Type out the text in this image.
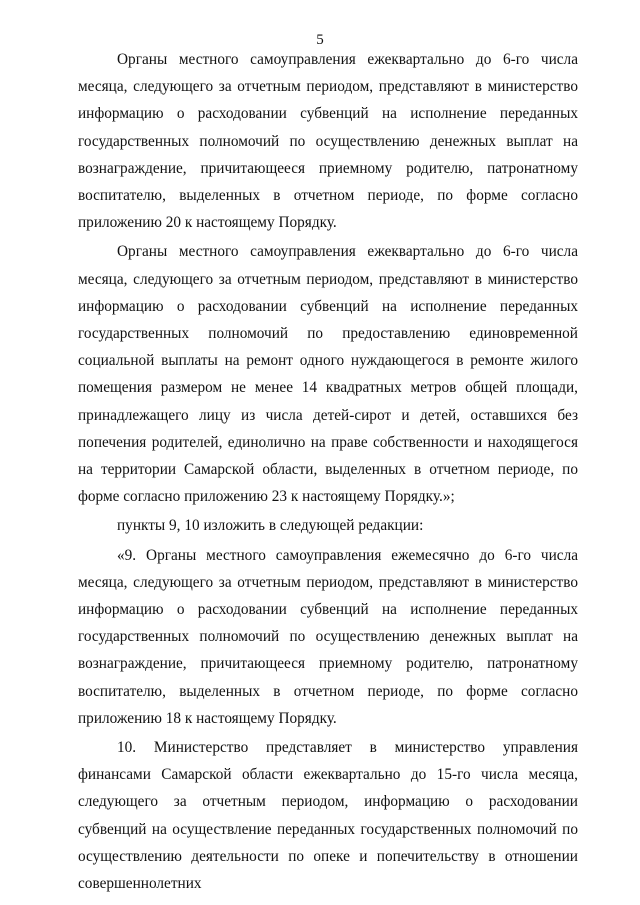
5

Органы местного самоуправления ежеквартально до 6-го числа месяца, следующего за отчетным периодом, представляют в министерство информацию о расходовании субвенций на исполнение переданных государственных полномочий по осуществлению денежных выплат на вознаграждение, причитающееся приемному родителю, патронатному воспитателю, выделенных в отчетном периоде, по форме согласно приложению 20 к настоящему Порядку.

Органы местного самоуправления ежеквартально до 6-го числа месяца, следующего за отчетным периодом, представляют в министерство информацию о расходовании субвенций на исполнение переданных государственных полномочий по предоставлению единовременной социальной выплаты на ремонт одного нуждающегося в ремонте жилого помещения размером не менее 14 квадратных метров общей площади, принадлежащего лицу из числа детей-сирот и детей, оставшихся без попечения родителей, единолично на праве собственности и находящегося на территории Самарской области, выделенных в отчетном периоде, по форме согласно приложению 23 к настоящему Порядку.»;

пункты 9, 10 изложить в следующей редакции:

«9. Органы местного самоуправления ежемесячно до 6-го числа месяца, следующего за отчетным периодом, представляют в министерство информацию о расходовании субвенций на исполнение переданных государственных полномочий по осуществлению денежных выплат на вознаграждение, причитающееся приемному родителю, патронатному воспитателю, выделенных в отчетном периоде, по форме согласно приложению 18 к настоящему Порядку.

10. Министерство представляет в министерство управления финансами Самарской области ежеквартально до 15-го числа месяца, следующего за отчетным периодом, информацию о расходовании субвенций на осуществление переданных государственных полномочий по осуществлению деятельности по опеке и попечительству в отношении совершеннолетних
